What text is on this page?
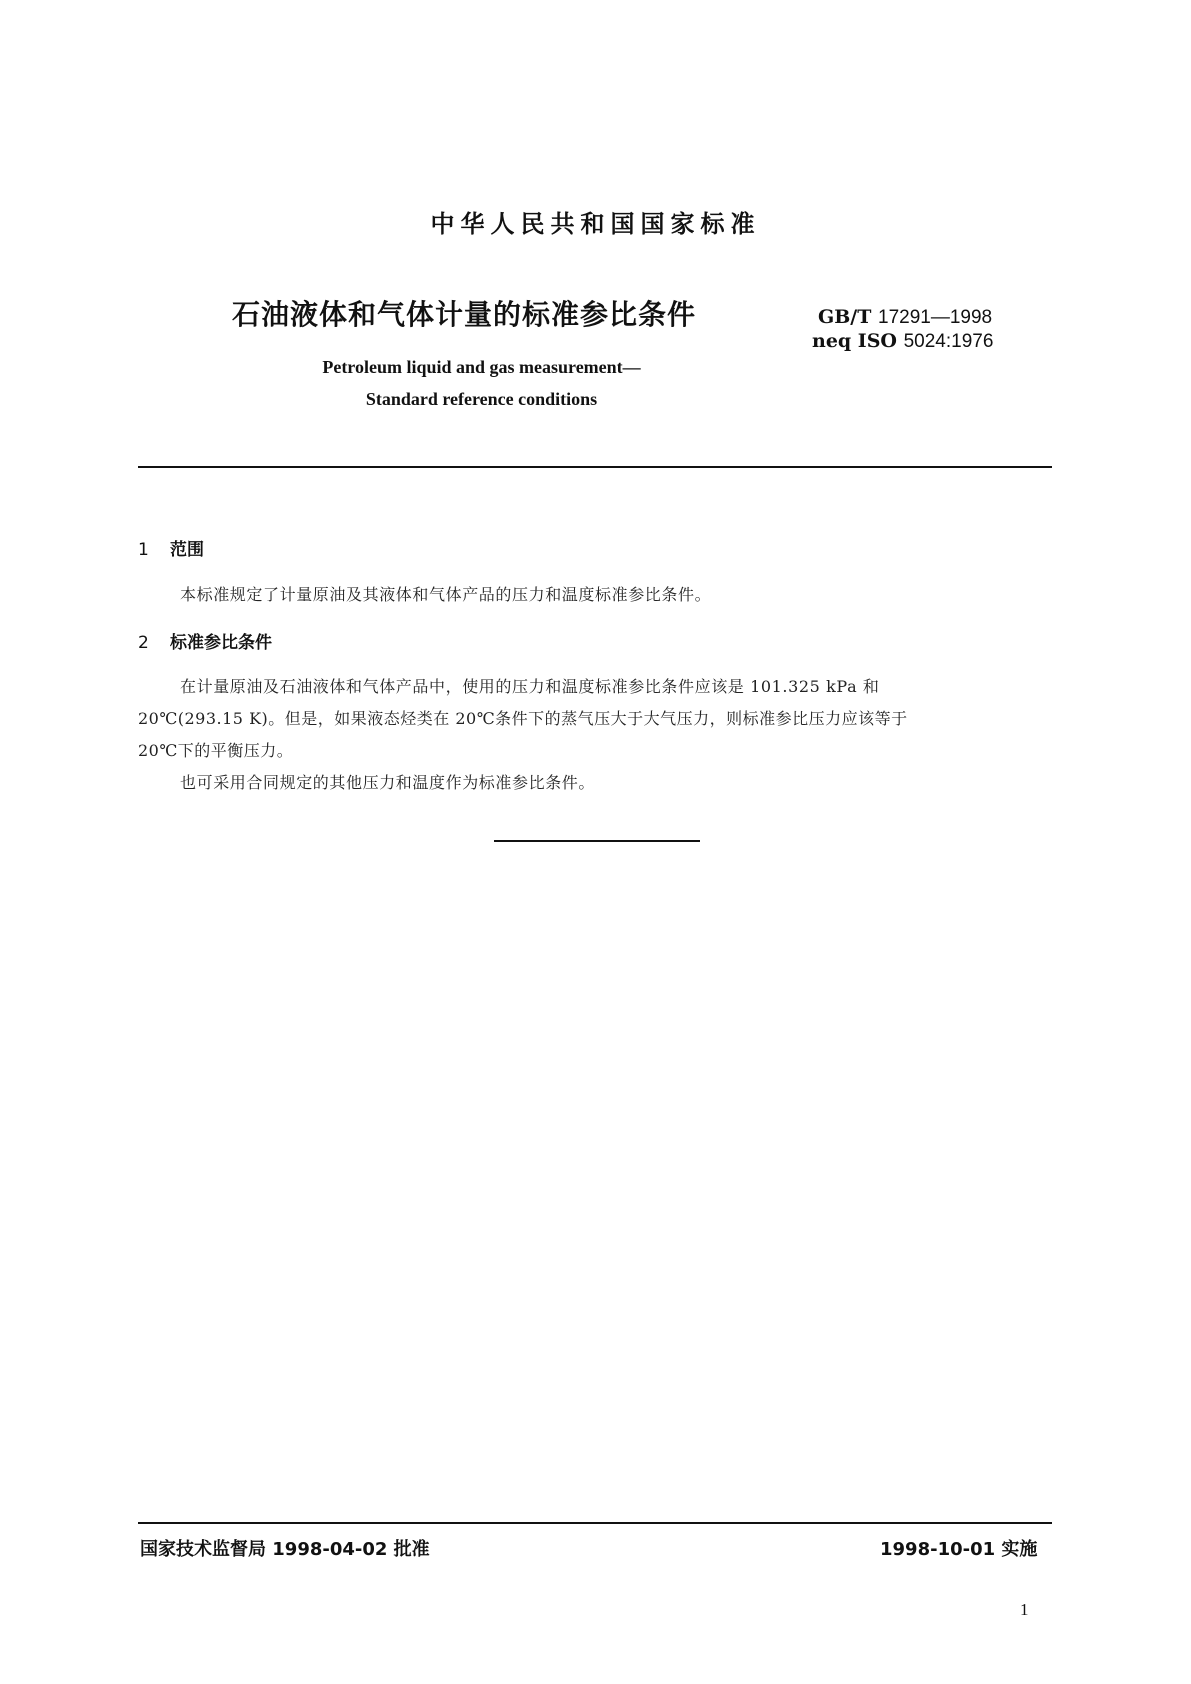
中华人民共和国国家标准
石油液体和气体计量的标准参比条件	GB/T 17291—1998
neq ISO 5024:1976
Petroleum liquid and gas measurement—
Standard reference conditions
1 范围
本标准规定了计量原油及其液体和气体产品的压力和温度标准参比条件。
2 标准参比条件
在计量原油及石油液体和气体产品中，使用的压力和温度标准参比条件应该是 101.325 kPa 和
20℃(293.15 K)。但是，如果液态烃类在 20℃条件下的蒸气压大于大气压力，则标准参比压力应该等于
20℃下的平衡压力。
也可采用合同规定的其他压力和温度作为标准参比条件。
国家技术监督局 1998-04-02 批准	1998-10-01 实施
1
